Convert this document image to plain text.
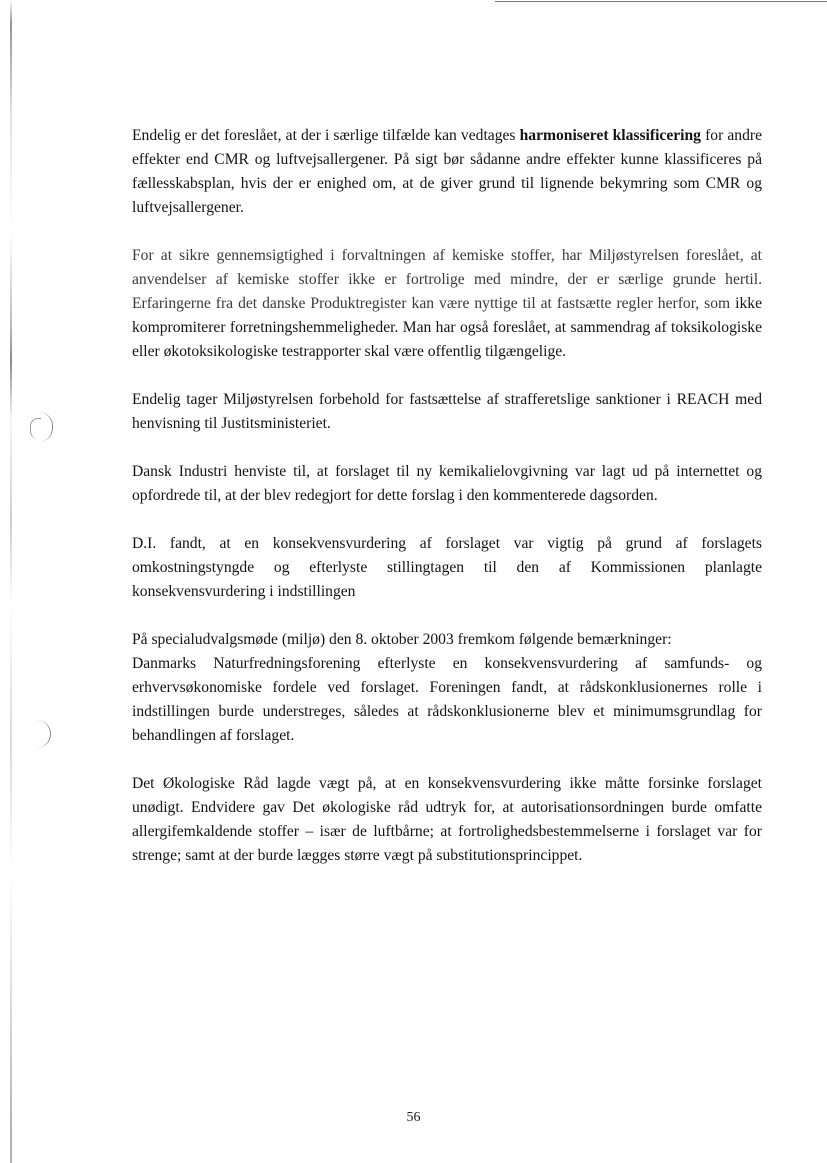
Endelig er det foreslået, at der i særlige tilfælde kan vedtages harmoniseret klassificering for andre effekter end CMR og luftvejsallergener. På sigt bør sådanne andre effekter kunne klassificeres på fællesskabsplan, hvis der er enighed om, at de giver grund til lignende bekymring som CMR og luftvejsallergener.

For at sikre gennemsigtighed i forvaltningen af kemiske stoffer, har Miljøstyrelsen foreslået, at anvendelser af kemiske stoffer ikke er fortrolige med mindre, der er særlige grunde hertil. Erfaringerne fra det danske Produktregister kan være nyttige til at fastsætte regler herfor, som ikke kompromiterer forretningshemmeligheder. Man har også foreslået, at sammendrag af toksikologiske eller økotoksikologiske testrapporter skal være offentlig tilgængelige.

Endelig tager Miljøstyrelsen forbehold for fastsættelse af strafferetslige sanktioner i REACH med henvisning til Justitsministeriet.

Dansk Industri henviste til, at forslaget til ny kemikalielovgivning var lagt ud på internettet og opfordrede til, at der blev redegjort for dette forslag i den kommenterede dagsorden.

D.I. fandt, at en konsekvensvurdering af forslaget var vigtig på grund af forslagets omkostningstyngde og efterlyste stillingtagen til den af Kommissionen planlagte konsekvensvurdering i indstillingen

På specialudvalgsmøde (miljø) den 8. oktober 2003 fremkom følgende bemærkninger:

Danmarks Naturfredningsforening efterlyste en konsekvensvurdering af samfunds- og erhvervsøkonomiske fordele ved forslaget. Foreningen fandt, at rådskonklusionernes rolle i indstillingen burde understreges, således at rådskonklusionerne blev et minimumsgrundlag for behandlingen af forslaget.

Det Økologiske Råd lagde vægt på, at en konsekvensvurdering ikke måtte forsinke forslaget unødigt. Endvidere gav Det økologiske råd udtryk for, at autorisationsordningen burde omfatte allergifemkaldende stoffer – især de luftbårne; at fortrolighedsbestemmelserne i forslaget var for strenge; samt at der burde lægges større vægt på substitutionsprincippet.

56
